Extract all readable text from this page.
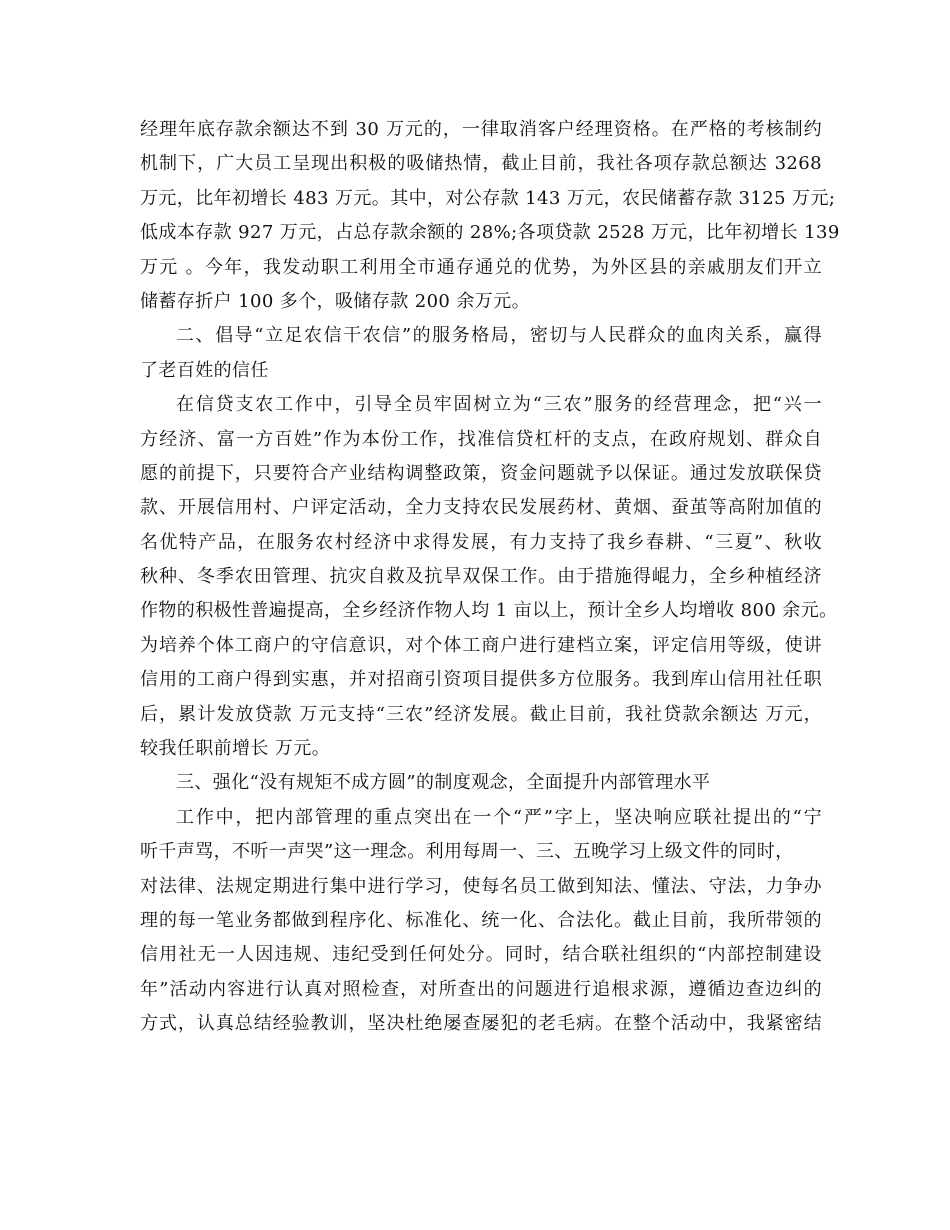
经理年底存款余额达不到 30 万元的，一律取消客户经理资格。在严格的考核制约
机制下，广大员工呈现出积极的吸储热情，截止目前，我社各项存款总额达 3268
万元，比年初增长 483 万元。其中，对公存款 143 万元，农民储蓄存款 3125 万元;
低成本存款 927 万元，占总存款余额的 28%;各项贷款 2528 万元，比年初增长 139
万元 。今年，我发动职工利用全市通存通兑的优势，为外区县的亲戚朋友们开立
储蓄存折户 100 多个，吸储存款 200 余万元。
二、倡导“立足农信干农信”的服务格局，密切与人民群众的血肉关系，赢得
了老百姓的信任
在信贷支农工作中，引导全员牢固树立为“三农”服务的经营理念，把“兴一
方经济、富一方百姓”作为本份工作，找准信贷杠杆的支点，在政府规划、群众自
愿的前提下，只要符合产业结构调整政策，资金问题就予以保证。通过发放联保贷
款、开展信用村、户评定活动，全力支持农民发展药材、黄烟、蚕茧等高附加值的
名优特产品，在服务农村经济中求得发展，有力支持了我乡春耕、“三夏”、秋收
秋种、冬季农田管理、抗灾自救及抗旱双保工作。由于措施得崐力，全乡种植经济
作物的积极性普遍提高，全乡经济作物人均 1 亩以上，预计全乡人均增收 800 余元。
为培养个体工商户的守信意识，对个体工商户进行建档立案，评定信用等级，使讲
信用的工商户得到实惠，并对招商引资项目提供多方位服务。我到库山信用社任职
后，累计发放贷款 万元支持“三农”经济发展。截止目前，我社贷款余额达 万元，
较我任职前增长 万元。
三、强化“没有规矩不成方圆”的制度观念，全面提升内部管理水平
工作中，把内部管理的重点突出在一个“严”字上，坚决响应联社提出的“宁
听千声骂，不听一声哭”这一理念。利用每周一、三、五晚学习上级文件的同时，
对法律、法规定期进行集中进行学习，使每名员工做到知法、懂法、守法，力争办
理的每一笔业务都做到程序化、标准化、统一化、合法化。截止目前，我所带领的
信用社无一人因违规、违纪受到任何处分。同时，结合联社组织的“内部控制建设
年”活动内容进行认真对照检查，对所查出的问题进行追根求源，遵循边查边纠的
方式，认真总结经验教训，坚决杜绝屡查屡犯的老毛病。在整个活动中，我紧密结
